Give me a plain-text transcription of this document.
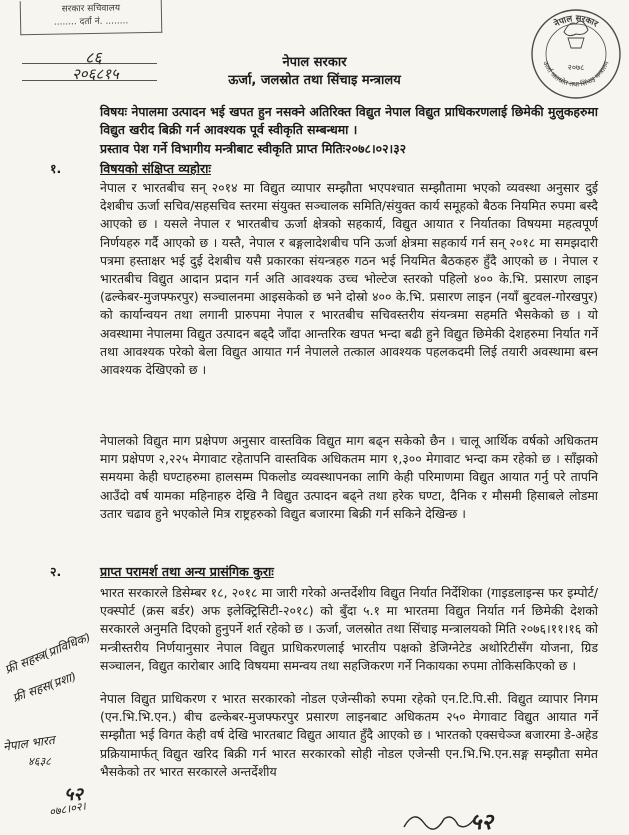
सरकार सचिवालय
........ दर्ता नं. ........
८६
२०६८१५
नेपाल सरकार
ऊर्जा, जलस्रोत तथा सिंचाइ मन्त्रालय
नेपाल सरकार
ऊर्जा जलस्रोत तथा सिंचाइ मन्त्रालय
२०७८

विषयः नेपालमा उत्पादन भई खपत हुन नसक्ने अतिरिक्त विद्युत नेपाल विद्युत प्राधिकरणलाई छिमेकी मुलुकहरुमा विद्युत खरीद बिक्री गर्न आवश्यक पूर्व स्वीकृति सम्बन्धमा ।

प्रस्ताव पेश गर्ने विभागीय मन्त्रीबाट स्वीकृति प्राप्त मितिः२०७८।०२।३२

१.	विषयको संक्षिप्त व्यहोराः

नेपाल र भारतबीच सन् २०१४ मा विद्युत व्यापार सम्झौता भएपश्चात सम्झौतामा भएको व्यवस्था अनुसार दुई देशबीच ऊर्जा सचिव/सहसचिव स्तरमा संयुक्त सञ्चालक समिति/संयुक्त कार्य समूहको बैठक नियमित रुपमा बस्दै आएको छ । यसले नेपाल र भारतबीच ऊर्जा क्षेत्रको सहकार्य, विद्युत आयात र निर्यातका विषयमा महत्वपूर्ण निर्णयहरु गर्दै आएको छ । यस्तै, नेपाल र बङ्गलादेशबीच पनि ऊर्जा क्षेत्रमा सहकार्य गर्न सन् २०१८ मा समझदारी पत्रमा हस्ताक्षर भई दुई देशबीच यसै प्रकारका संयन्त्रहरु गठन भई नियमित बैठकहरु हुँदै आएको छ । नेपाल र भारतबीच विद्युत आदान प्रदान गर्न अति आवश्यक उच्च भोल्टेज स्तरको पहिलो ४०० के.भि. प्रसारण लाइन (ढल्केबर-मुजफ्फरपुर) सञ्चालनमा आइसकेको छ भने दोस्रो ४०० के.भि. प्रसारण लाइन (नयाँ बुटवल-गोरखपुर) को कार्यान्वयन तथा लगानी प्रारुपमा नेपाल र भारतबीच सचिवस्तरीय संयन्त्रमा सहमति भैसकेको छ । यो अवस्थामा नेपालमा विद्युत उत्पादन बढ्दै जाँदा आन्तरिक खपत भन्दा बढी हुने विद्युत छिमेकी देशहरुमा निर्यात गर्ने तथा आवश्यक परेको बेला विद्युत आयात गर्न नेपालले तत्काल आवश्यक पहलकदमी लिई तयारी अवस्थामा बस्न आवश्यक देखिएको छ ।

नेपालको विद्युत माग प्रक्षेपण अनुसार वास्तविक विद्युत माग बढ्न सकेको छैन । चालू आर्थिक वर्षको अधिकतम माग प्रक्षेपण २,२२५ मेगावाट रहेतापनि वास्तविक अधिकतम माग १,३०० मेगावाट भन्दा कम रहेको छ । साँझको समयमा केही घण्टाहरुमा हालसम्म पिकलोड व्यवस्थापनका लागि केही परिमाणमा विद्युत आयात गर्नु परे तापनि आउँदो वर्ष यामका महिनाहरु देखि नै विद्युत उत्पादन बढ्ने तथा हरेक घण्टा, दैनिक र मौसमी हिसाबले लोडमा उतार चढाव हुने भएकोले मित्र राष्ट्रहरुको विद्युत बजारमा बिक्री गर्न सकिने देखिन्छ ।

२.	प्राप्त परामर्श तथा अन्य प्रासंगिक कुराः

भारत सरकारले डिसेम्बर १८, २०१८ मा जारी गरेको अन्तर्देशीय विद्युत निर्यात निर्देशिका (गाइडलाइन्स फर इम्पोर्ट/एक्स्पोर्ट (क्रस बर्डर) अफ इलेक्ट्रिसिटी-२०१८) को बुँदा ५.१ मा भारतमा विद्युत निर्यात गर्न छिमेकी देशको सरकारले अनुमति दिएको हुनुपर्ने शर्त रहेको छ । ऊर्जा, जलस्रोत तथा सिंचाइ मन्त्रालयको मिति २०७६।११।१६ को मन्त्रीस्तरीय निर्णयानुसार नेपाल विद्युत प्राधिकरणलाई भारतीय पक्षको डेजिग्नेटेड अथोरिटीसँग योजना, ग्रिड सञ्चालन, विद्युत कारोबार आदि विषयमा समन्वय तथा सहजिकरण गर्ने निकायका रुपमा तोकिसकिएको छ ।

नेपाल विद्युत प्राधिकरण र भारत सरकारको नोडल एजेन्सीको रुपमा रहेको एन.टि.पि.सी. विद्युत व्यापार निगम (एन.भि.भि.एन.) बीच ढल्केबर-मुजफ्फरपुर प्रसारण लाइनबाट अधिकतम २५० मेगावाट विद्युत आयात गर्ने सम्झौता भई विगत केही वर्ष देखि भारतबाट विद्युत आयात हुँदै आएको छ । भारतको एक्सचेञ्ज बजारमा डे-अहेड प्रक्रियामार्फत् विद्युत खरिद बिक्री गर्न भारत सरकारको सोही नोडल एजेन्सी एन.भि.भि.एन.सङ्ग सम्झौता समेत भैसकेको तर भारत सरकारले अन्तर्देशीय

फ्री सहस्त्र(प्राविधिक)
फ्री सहस(प्रशा)
नेपाल भारत
४६३८
५२
०७८।०२।	५२
